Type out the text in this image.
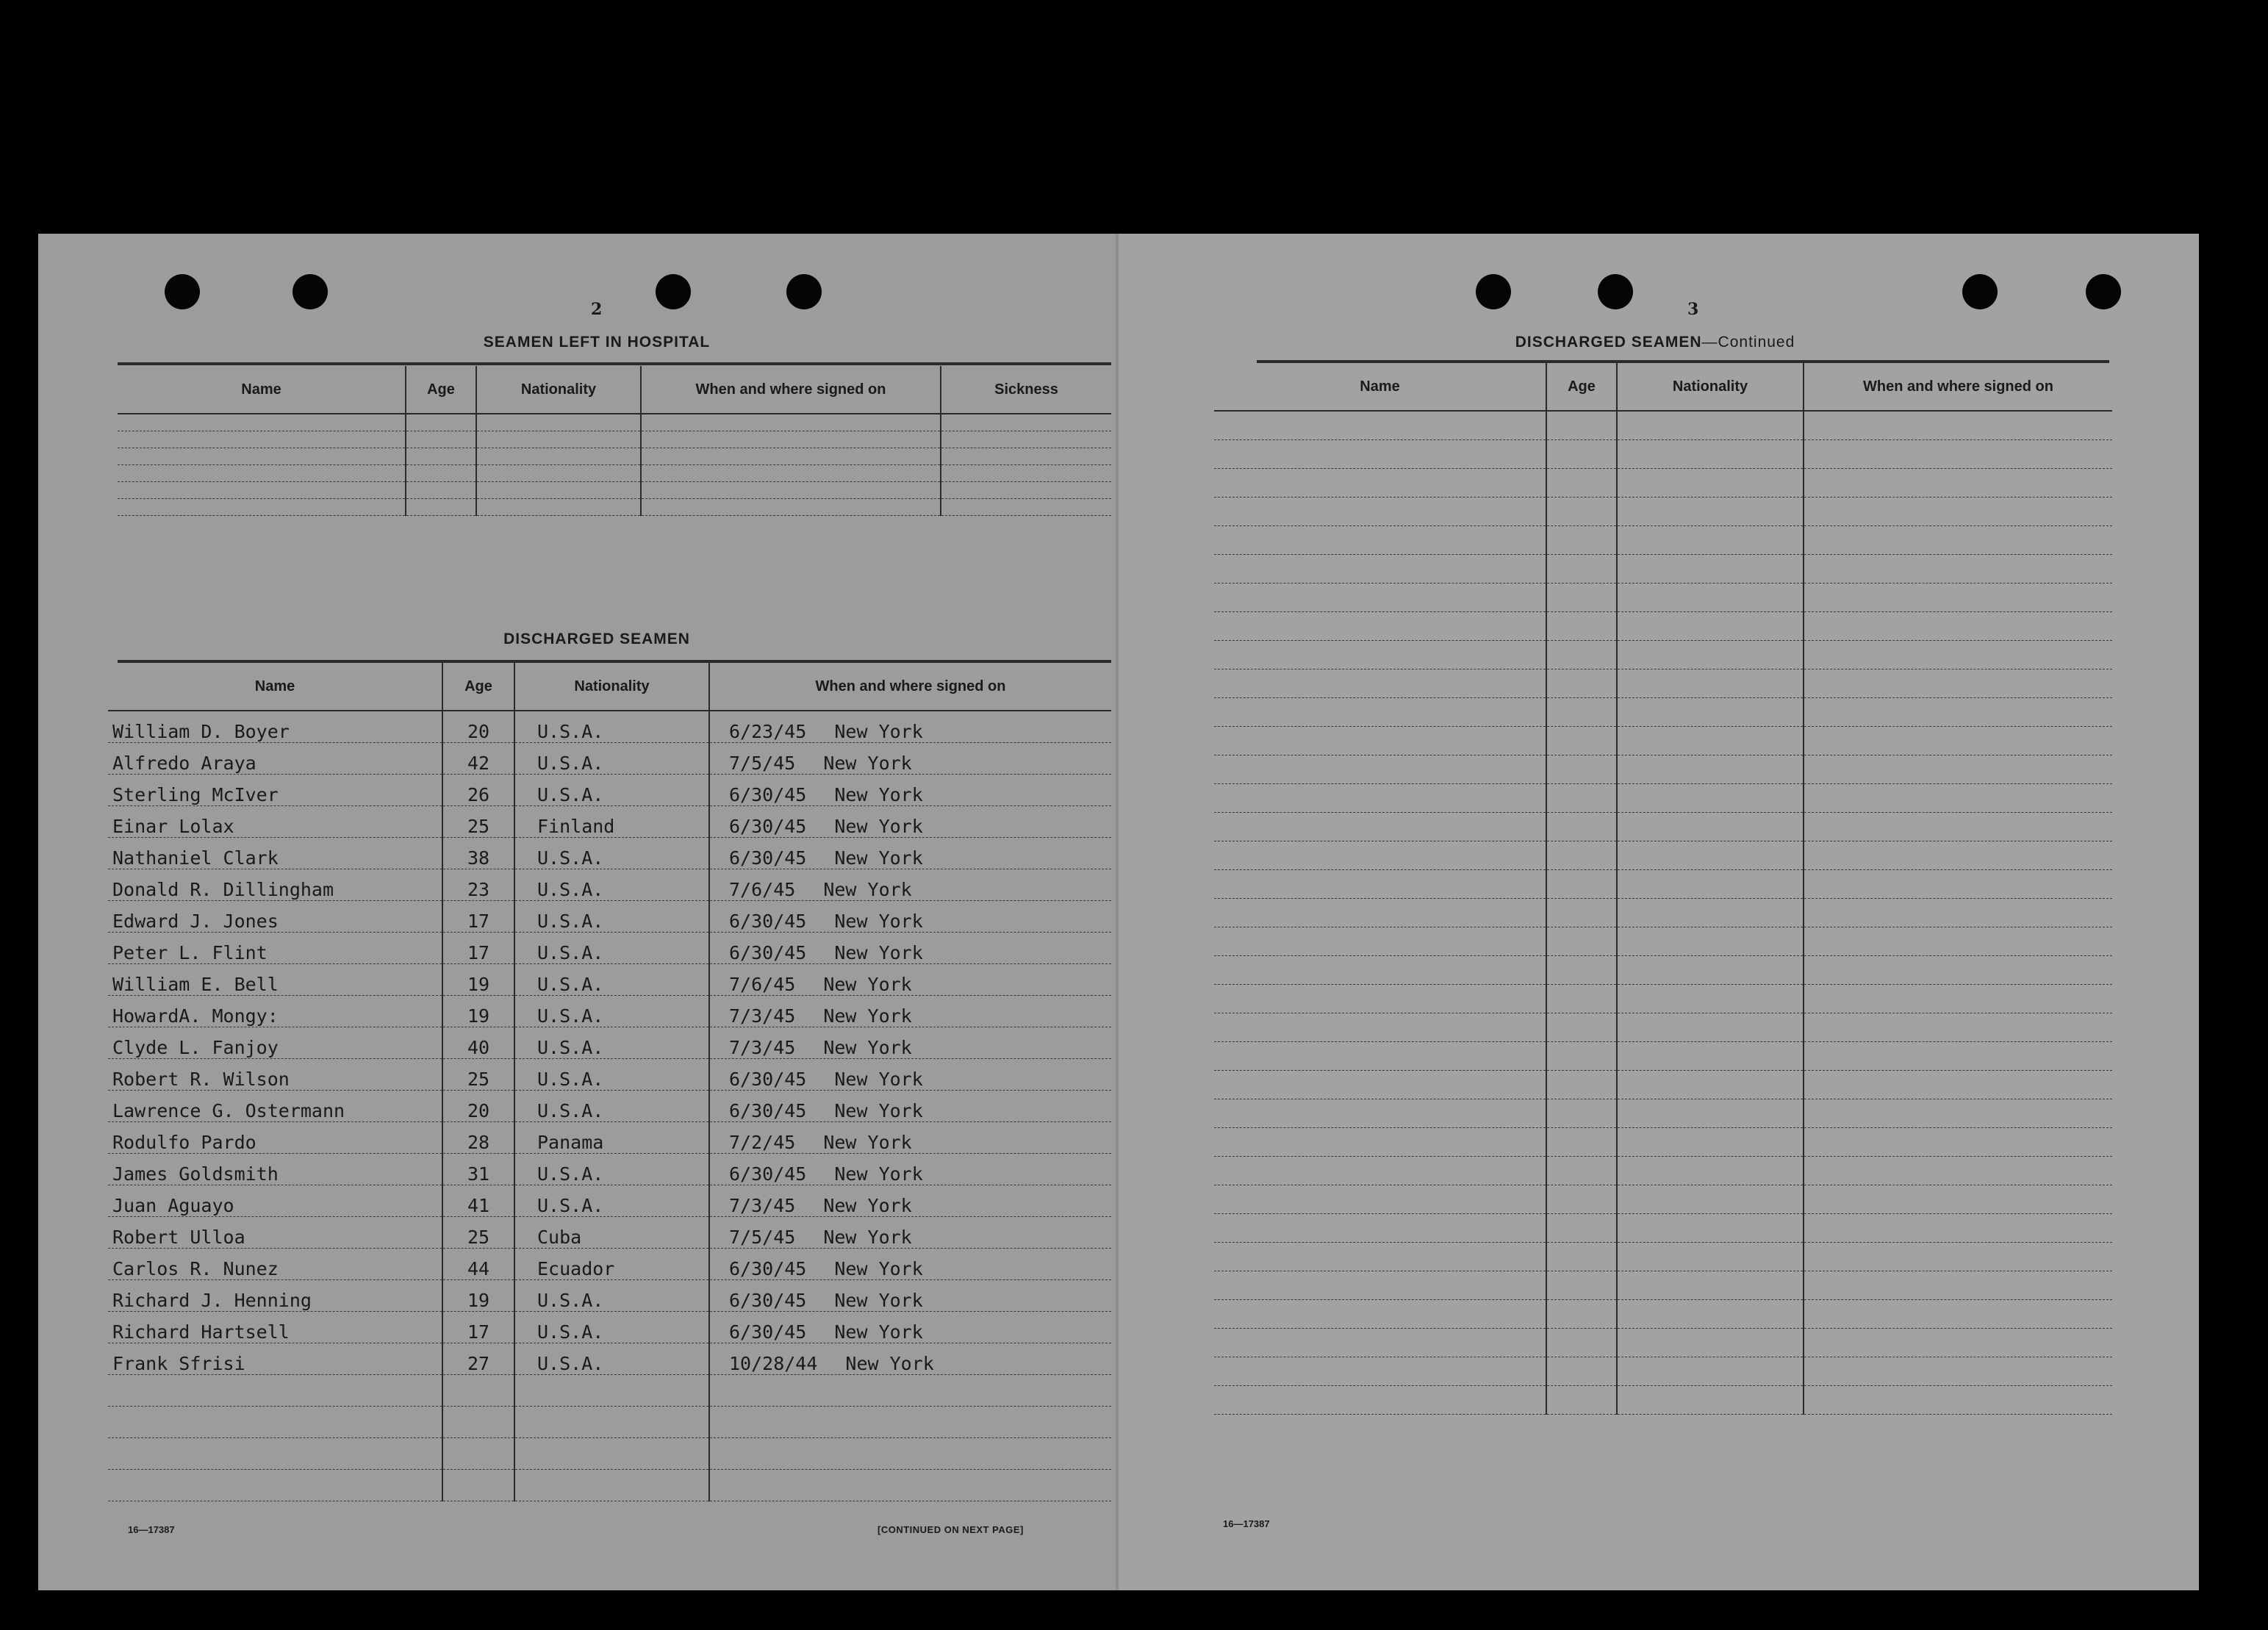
2
SEAMEN LEFT IN HOSPITAL
Name	Age	Nationality	When and where signed on	Sickness

DISCHARGED SEAMEN
Name	Age	Nationality	When and where signed on
William D. Boyer	20	U.S.A.	6/23/45 New York

Alfredo Araya	42	U.S.A.	7/5/45 New York

Sterling McIver	26	U.S.A.	6/30/45 New York

Einar Lolax	25	Finland	6/30/45 New York

Nathaniel Clark	38	U.S.A.	6/30/45 New York

Donald R. Dillingham	23	U.S.A.	7/6/45 New York

Edward J. Jones	17	U.S.A.	6/30/45 New York

Peter L. Flint	17	U.S.A.	6/30/45 New York

William E. Bell	19	U.S.A.	7/6/45 New York

HowardA. Mongy:	19	U.S.A.	7/3/45 New York

Clyde L. Fanjoy	40	U.S.A.	7/3/45 New York

Robert R. Wilson	25	U.S.A.	6/30/45 New York

Lawrence G. Ostermann	20	U.S.A.	6/30/45 New York

Rodulfo Pardo	28	Panama	7/2/45 New York

James Goldsmith	31	U.S.A.	6/30/45 New York

Juan Aguayo	41	U.S.A.	7/3/45 New York

Robert Ulloa	25	Cuba	7/5/45 New York

Carlos R. Nunez	44	Ecuador	6/30/45 New York

Richard J. Henning	19	U.S.A.	6/30/45 New York

Richard Hartsell	17	U.S.A.	6/30/45 New York

Frank Sfrisi	27	U.S.A.	10/28/44 New York

16—17387	[CONTINUED ON NEXT PAGE]
3
DISCHARGED SEAMEN—Continued
Name	Age	Nationality	When and where signed on

16—17387
